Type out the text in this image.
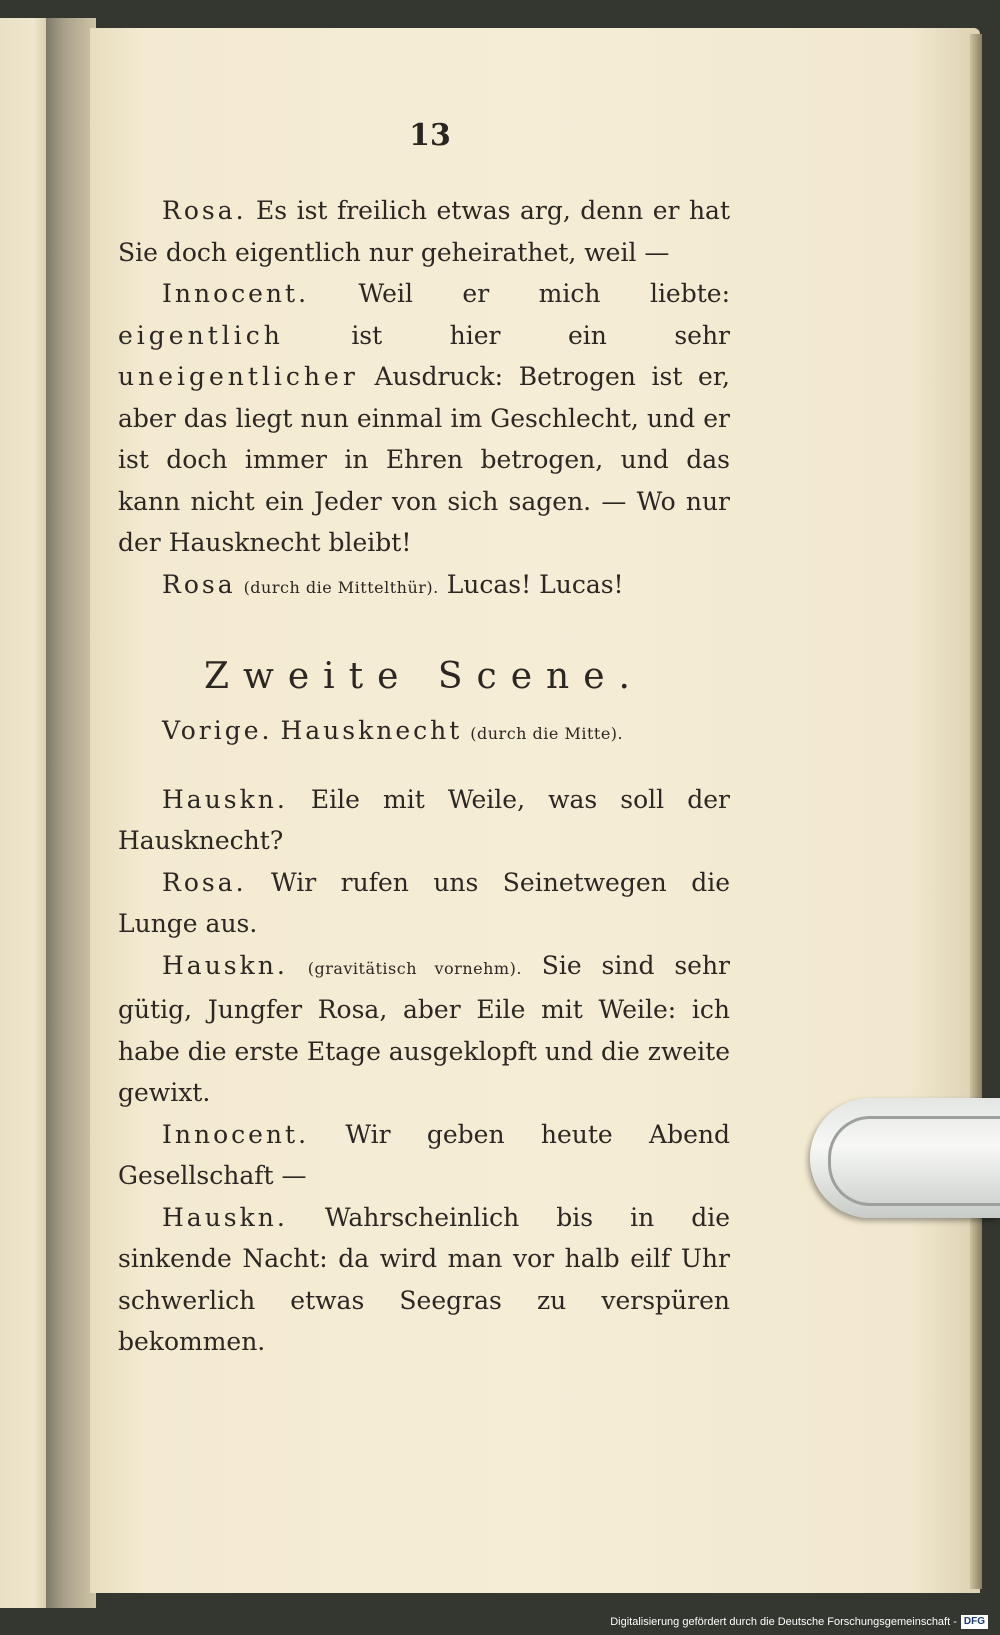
13

Rosa. Es ist freilich etwas arg, denn er hat Sie doch eigentlich nur geheirathet, weil —

Innocent. Weil er mich liebte: eigentlich	ist hier ein sehr uneigentlicher Ausdruck: Betrogen ist er, aber das liegt nun einmal im Geschlecht, und er ist doch immer in Ehren betrogen, und das kann nicht ein Jeder von sich sagen. — Wo nur der Hausknecht bleibt!

Rosa (durch die Mittelthür). Lucas! Lucas!

Zweite Scene.

Vorige. Hausknecht (durch die Mitte).

Hauskn. Eile mit Weile, was soll der Hausknecht?

Rosa. Wir rufen uns Seinetwegen die Lunge aus.

Hauskn. (gravitätisch vornehm). Sie sind sehr gütig, Jungfer Rosa, aber Eile mit Weile: ich habe die erste Etage ausgeklopft und die zweite gewixt.

Innocent. Wir geben heute Abend Gesellschaft —

Hauskn. Wahrscheinlich bis in die sinkende Nacht: da wird man vor halb eilf Uhr schwerlich etwas Seegras zu verspüren bekommen.

Digitalisierung gefördert durch die Deutsche Forschungsgemeinschaft - DFG
